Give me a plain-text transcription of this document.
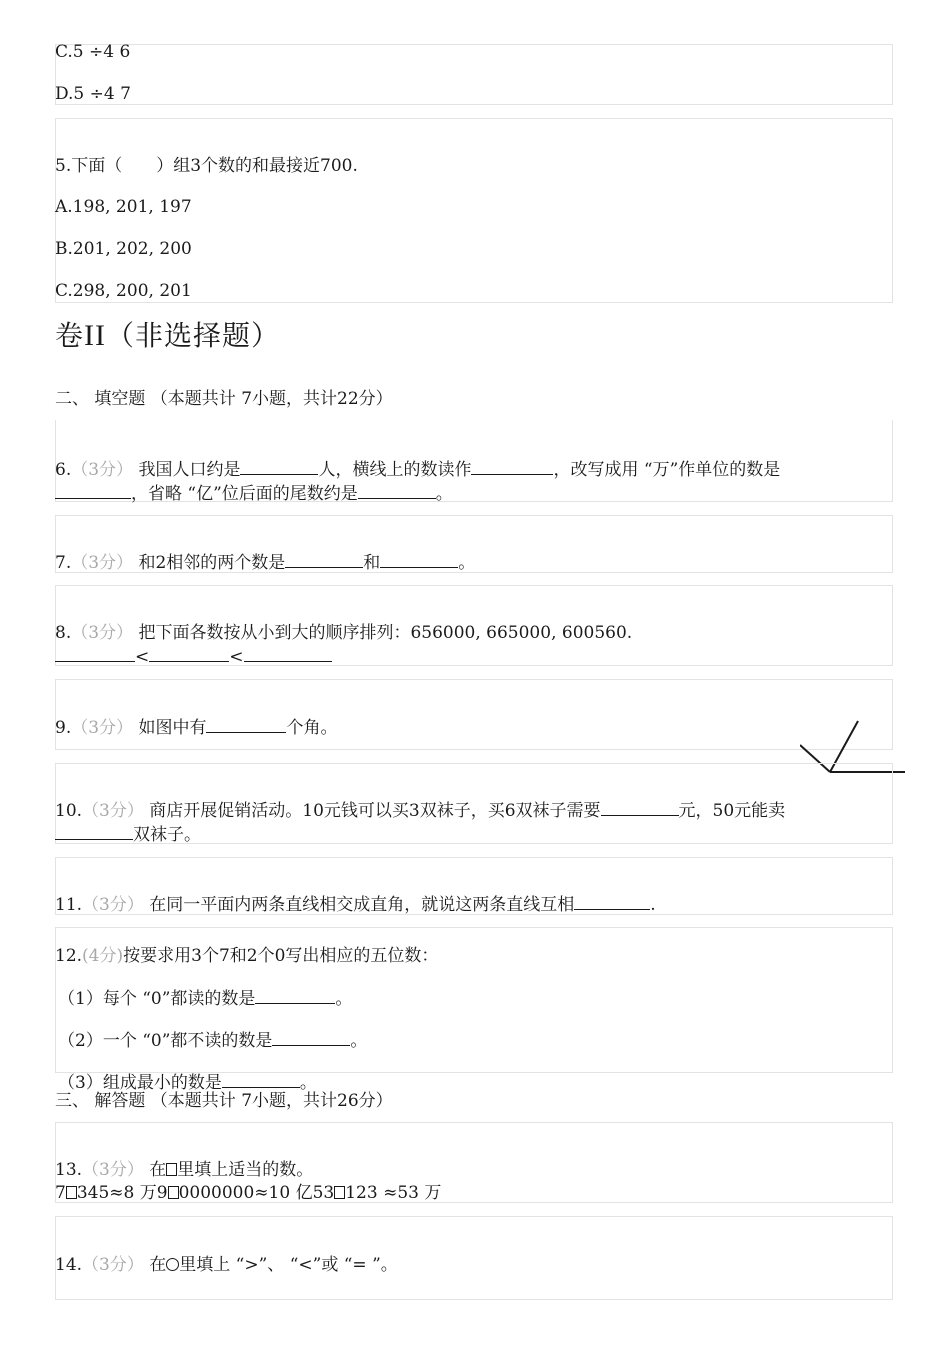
C.5 ÷4 6
D.5 ÷4 7
5.下面（　　）组3个数的和最接近700.
A.198, 201, 197
B.201, 202, 200
C.298, 200, 201
卷II（非选择题）
二、 填空题 （本题共计 7小题，共计22分）
6.（3分） 我国人口约是	人，横线上的数读作	，改写成用 “万”作单位的数是
，省略 “亿”位后面的尾数约是	。
7.（3分） 和2相邻的两个数是	和	。
8.（3分） 把下面各数按从小到大的顺序排列：656000, 665000, 600560.
<	<
9.（3分） 如图中有	个角。
10.（3分） 商店开展促销活动。10元钱可以买3双袜子，买6双袜子需要	元，50元能卖
双袜子。
11.（3分） 在同一平面内两条直线相交成直角，就说这两条直线互相	.
12.(4分)按要求用3个7和2个0写出相应的五位数：
（1）每个 “0”都读的数是	。
（2）一个 “0”都不读的数是	。
（3）组成最小的数是	。
三、 解答题 （本题共计 7小题，共计26分）
13.（3分） 在 里填上适当的数。
7 345≈8 万9 0000000≈10 亿53 123 ≈53 万
14.（3分） 在 里填上 “>”、 “<”或 “= ”。
